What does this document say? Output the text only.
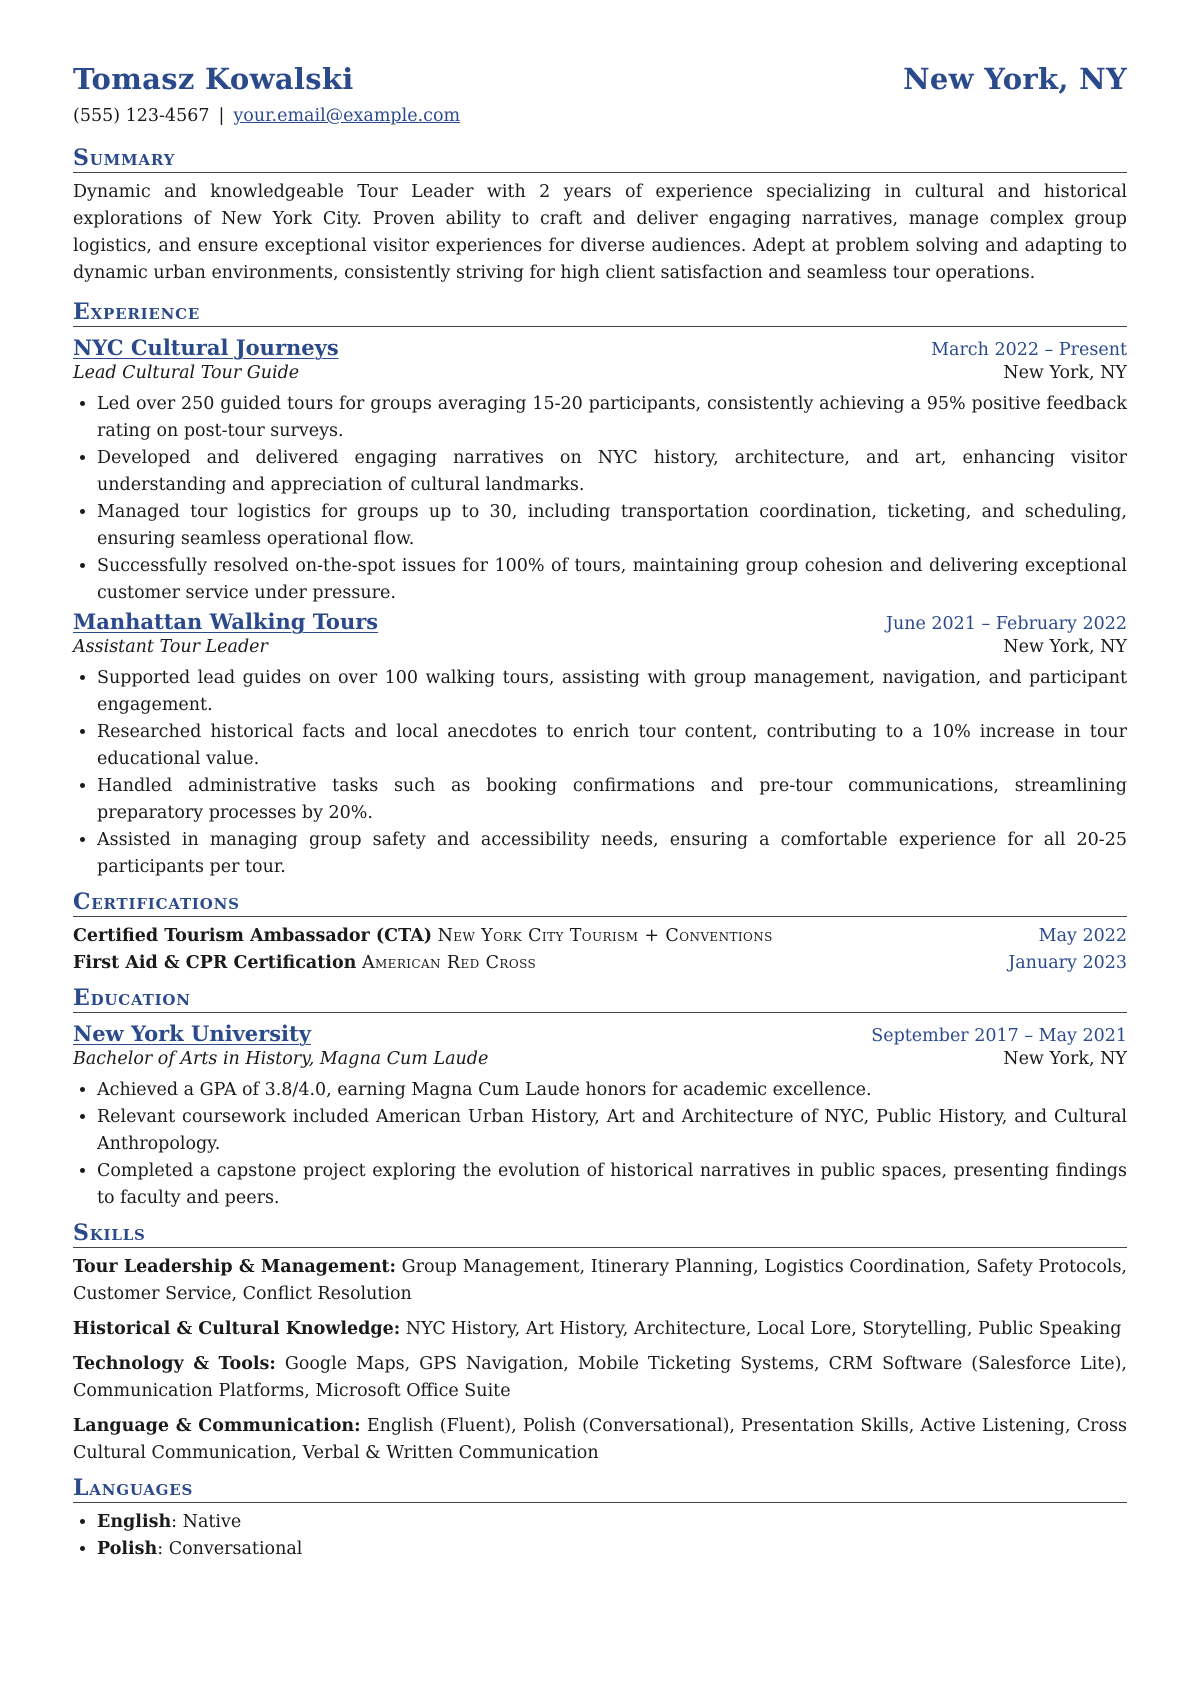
Tomasz Kowalski	New York, NY
(555) 123-4567 | your.email@example.com
Summary
Dynamic and knowledgeable Tour Leader with 2 years of experience specializing in cultural and historical explorations of New York City. Proven ability to craft and deliver engaging narratives, manage complex group logistics, and ensure exceptional visitor experiences for diverse audiences. Adept at problem solving and adapting to dynamic urban environments, consistently striving for high client satisfaction and seamless tour operations.
Experience
NYC Cultural Journeys	March 2022 – Present
Lead Cultural Tour Guide	New York, NY
• Led over 250 guided tours for groups averaging 15-20 participants, consistently achieving a 95% positive feedback rating on post-tour surveys.
• Developed and delivered engaging narratives on NYC history, architecture, and art, enhancing visitor understanding and appreciation of cultural landmarks.
• Managed tour logistics for groups up to 30, including transportation coordination, ticketing, and scheduling, ensuring seamless operational flow.
• Successfully resolved on-the-spot issues for 100% of tours, maintaining group cohesion and delivering exceptional customer service under pressure.
Manhattan Walking Tours	June 2021 – February 2022
Assistant Tour Leader	New York, NY
• Supported lead guides on over 100 walking tours, assisting with group management, navigation, and participant engagement.
• Researched historical facts and local anecdotes to enrich tour content, contributing to a 10% increase in tour educational value.
• Handled administrative tasks such as booking confirmations and pre-tour communications, streamlining preparatory processes by 20%.
• Assisted in managing group safety and accessibility needs, ensuring a comfortable experience for all 20-25 participants per tour.
Certifications
Certified Tourism Ambassador (CTA) New York City Tourism + Conventions	May 2022
First Aid & CPR Certification American Red Cross	January 2023
Education
New York University	September 2017 – May 2021
Bachelor of Arts in History, Magna Cum Laude	New York, NY
• Achieved a GPA of 3.8/4.0, earning Magna Cum Laude honors for academic excellence.
• Relevant coursework included American Urban History, Art and Architecture of NYC, Public History, and Cultural Anthropology.
• Completed a capstone project exploring the evolution of historical narratives in public spaces, presenting findings to faculty and peers.
Skills
Tour Leadership & Management: Group Management, Itinerary Planning, Logistics Coordination, Safety Protocols, Customer Service, Conflict Resolution
Historical & Cultural Knowledge: NYC History, Art History, Architecture, Local Lore, Storytelling, Public Speaking
Technology & Tools: Google Maps, GPS Navigation, Mobile Ticketing Systems, CRM Software (Salesforce Lite), Communication Platforms, Microsoft Office Suite
Language & Communication: English (Fluent), Polish (Conversational), Presentation Skills, Active Listening, Cross Cultural Communication, Verbal & Written Communication
Languages
• English: Native
• Polish: Conversational
